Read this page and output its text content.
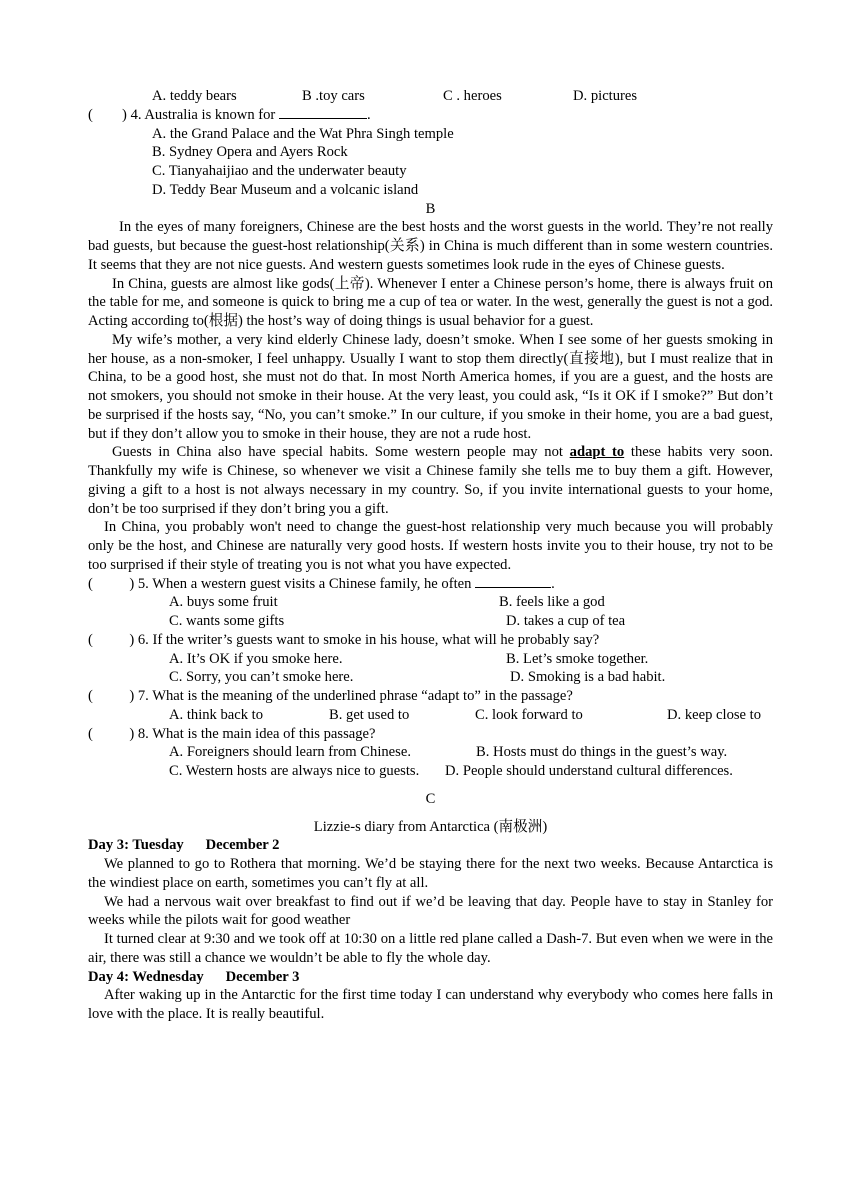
A. teddy bears	B .toy cars	C . heroes	D. pictures
(        ) 4. Australia is known for	.
A. the Grand Palace and the Wat Phra Singh temple
B. Sydney Opera and Ayers Rock
C. Tianyahaijiao and the underwater beauty
D. Teddy Bear Museum and a volcanic island
B
In the eyes of many foreigners, Chinese are the best hosts and the worst guests in the world. They’re not really bad guests, but because the guest-host relationship(关系) in China is much different than in some western countries. It seems that they are not nice guests. And western guests sometimes look rude in the eyes of Chinese guests.
In China, guests are almost like gods(上帝). Whenever I enter a Chinese person’s home, there is always fruit on the table for me, and someone is quick to bring me a cup of tea or water. In the west, generally the guest is not a god. Acting according to(根据) the host’s way of doing things is usual behavior for a guest.
My wife’s mother, a very kind elderly Chinese lady, doesn’t smoke. When I see some of her guests smoking in her house, as a non-smoker, I feel unhappy. Usually I want to stop them directly(直接地), but I must realize that in China, to be a good host, she must not do that. In most North America homes, if you are a guest, and the hosts are not smokers, you should not smoke in their house. At the very least, you could ask, “Is it OK if I smoke?” But don’t be surprised if the hosts say, “No, you can’t smoke.” In our culture, if you smoke in their home, you are a bad guest, but if they don’t allow you to smoke in their house, they are not a rude host.
Guests in China also have special habits. Some western people may not adapt to these habits very soon. Thankfully my wife is Chinese, so whenever we visit a Chinese family she tells me to buy them a gift. However, giving a gift to a host is not always necessary in my country. So, if you invite international guests to your home, don’t be too surprised if they don’t bring you a gift.
In China, you probably won't need to change the guest-host relationship very much because you will probably only be the host, and Chinese are naturally very good hosts. If western hosts invite you to their house, try not to be too surprised if their style of treating you is not what you have expected.
(          ) 5. When a western guest visits a Chinese family, he often	.
A. buys some fruit	B. feels like a god
C. wants some gifts	D. takes a cup of tea
(          ) 6. If the writer’s guests want to smoke in his house, what will he probably say?
A. It’s OK if you smoke here.	B. Let’s smoke together.
C. Sorry, you can’t smoke here.	D. Smoking is a bad habit.
(          ) 7. What is the meaning of the underlined phrase “adapt to” in the passage?
A. think back to	B. get used to	C. look forward to	D. keep close to
(          ) 8. What is the main idea of this passage?
A. Foreigners should learn from Chinese.	B. Hosts must do things in the guest’s way.
C. Western hosts are always nice to guests. D. People should understand cultural differences.
C
Lizzie-s diary from Antarctica (南极洲)
Day 3: Tuesday      December 2
We planned to go to Rothera that morning. We’d be staying there for the next two weeks. Because Antarctica is the windiest place on earth, sometimes you can’t fly at all.
We had a nervous wait over breakfast to find out if we’d be leaving that day. People have to stay in Stanley for weeks while the pilots wait for good weather
It turned clear at 9:30 and we took off at 10:30 on a little red plane called a Dash-7. But even when we were in the air, there was still a chance we wouldn’t be able to fly the whole day.
Day 4: Wednesday      December 3
After waking up in the Antarctic for the first time today I can understand why everybody who comes here falls in love with the place. It is really beautiful.
